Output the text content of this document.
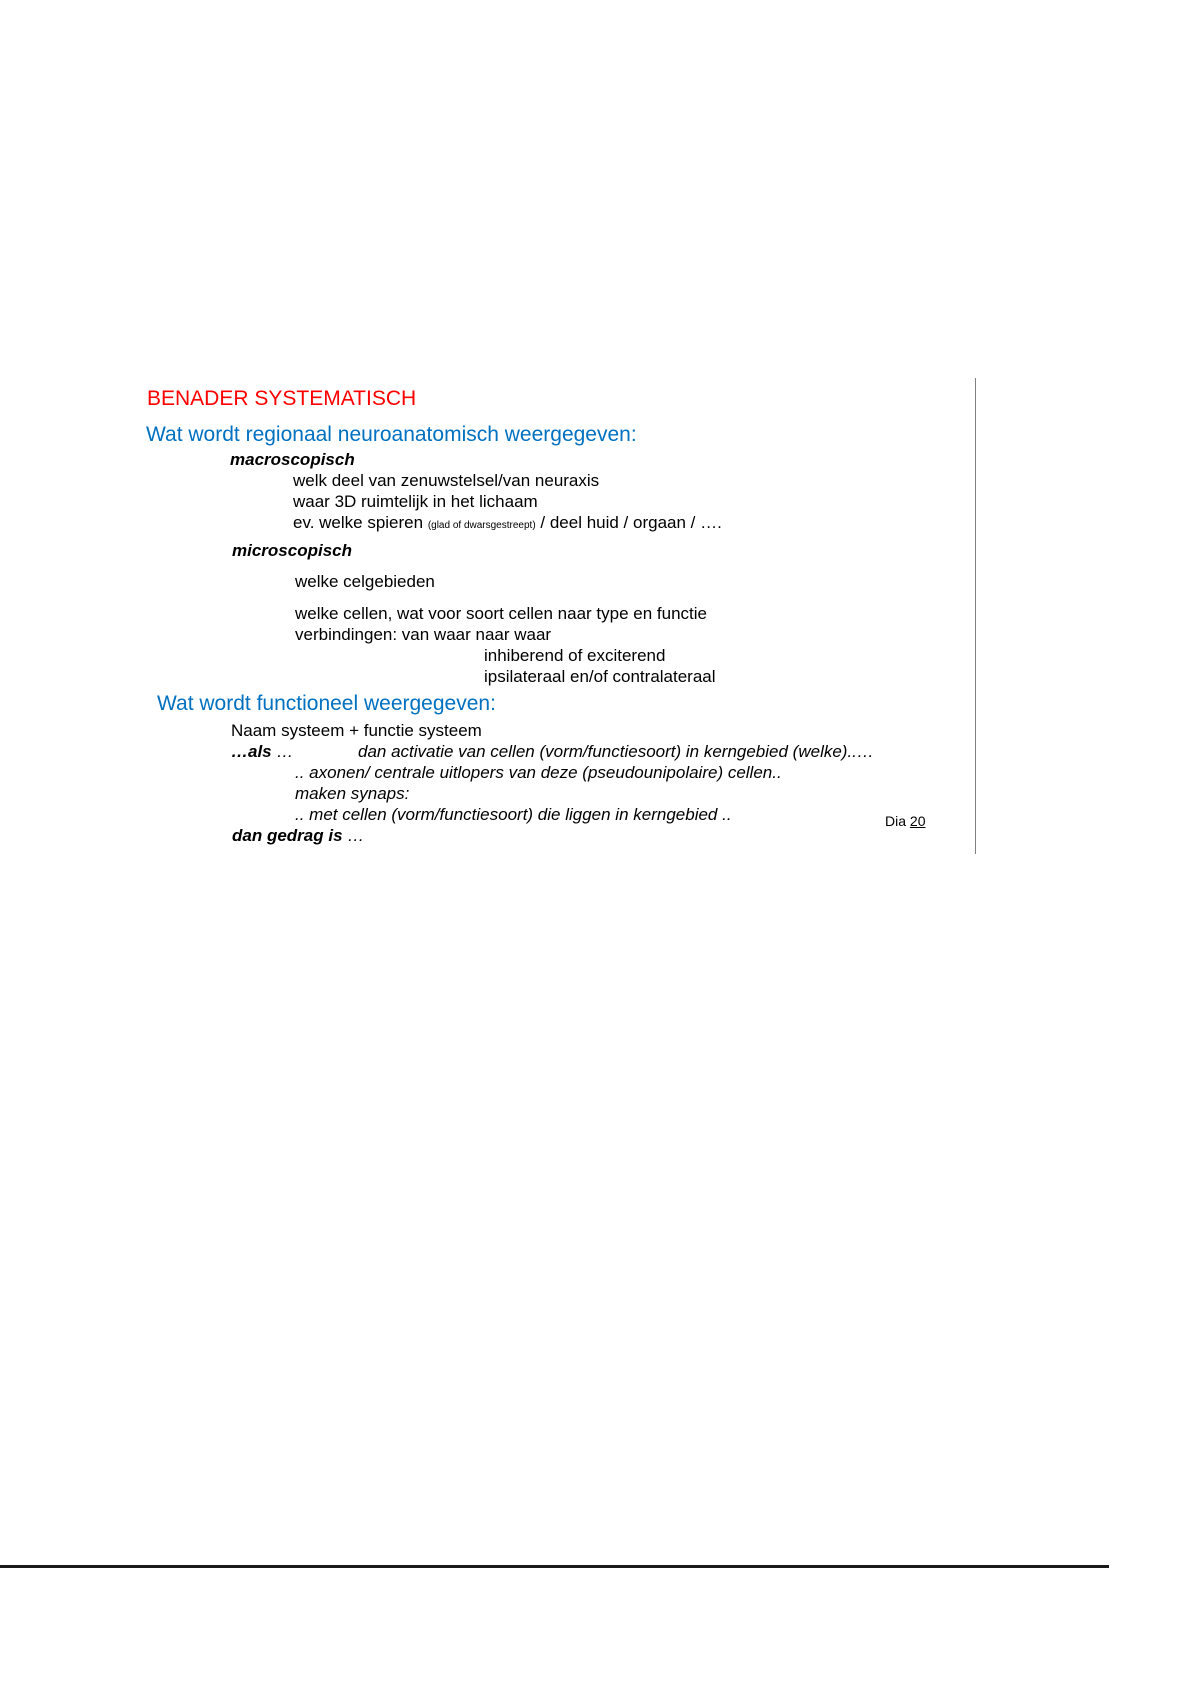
BENADER SYSTEMATISCH
Wat wordt regionaal neuroanatomisch weergegeven:
macroscopisch
welk deel van zenuwstelsel/van neuraxis
waar 3D ruimtelijk in het lichaam
ev. welke spieren (glad of dwarsgestreept) / deel huid / orgaan / ….
microscopisch
welke celgebieden
welke cellen, wat voor soort cellen naar type en functie
verbindingen: van waar naar waar
inhiberend of exciterend
ipsilateraal en/of contralateraal
Wat wordt functioneel weergegeven:
Naam systeem + functie systeem
…als …	dan activatie van cellen (vorm/functiesoort) in kerngebied (welke)..…
.. axonen/ centrale uitlopers van deze (pseudounipolaire) cellen..
maken synaps:
.. met cellen (vorm/functiesoort) die liggen in kerngebied ..
dan gedrag is …
Dia 20
